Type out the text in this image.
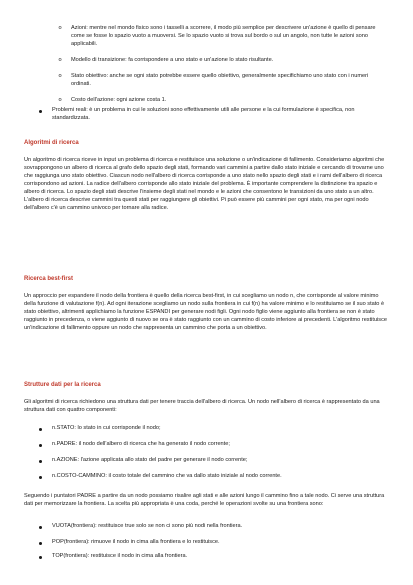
o Azioni: mentre nel mondo fisico sono i tasselli a scorrere, il modo più semplice per descrivere un'azione è quello di pensare come se fosse lo spazio vuoto a muoversi. Se lo spazio vuoto si trova sul bordo o sul un angolo, non tutte le azioni sono applicabili.

o Modello di transizione: fa corrispondere a uno stato e un'azione lo stato risultante.

o Stato obiettivo: anche se ogni stato potrebbe essere quello obiettivo, generalmente specifichiamo uno stato con i numeri ordinati.

o Costo dell'azione: ogni azione costa 1.

Problemi reali: è un problema in cui le soluzioni sono effettivamente utili alle persone e la cui formulazione è specifica, non standardizzata.

Algoritmi di ricerca

Un algoritmo di ricerca riceve in input un problema di ricerca e restituisce una soluzione o un'indicazione di fallimento. Consideriamo algoritmi che sovrappongono un albero di ricerca al grafo dello spazio degli stati, formando vari cammini a partire dallo stato iniziale e cercando di trovarne uno che raggiunga uno stato obiettivo. Ciascun nodo nell'albero di ricerca corrisponde a uno stato nello spazio degli stati e i rami dell'albero di ricerca corrispondono ad azioni. La radice dell'albero corrisponde allo stato iniziale del problema. È importante comprendere la distinzione tra spazio e albero di ricerca. Lo spazio degli stati descrive l'insieme degli stati nel mondo e le azioni che consentono le transizioni da uno stato a un altro. L'albero di ricerca descrive cammini tra questi stati per raggiungere gli obiettivi. Pi può essere più cammini per ogni stato, ma per ogni nodo dell'albero c'è un cammino univoco per tornare alla radice.

Ricerca best-first

Un approccio per espandere il nodo della frontiera è quello della ricerca best-first, in cui scegliamo un nodo n, che corrisponde al valore minimo della funzione di valutazione f(n). Ad ogni iterazione scegliamo un nodo sulla frontiera in cui f(n) ha valore minimo e lo restituiamo se il suo stato è stato obiettivo, altrimenti applichiamo la funzione ESPANDI per generare nodi figli. Ogni nodo figlio viene aggiunto alla frontiera se non è stato raggiunto in precedenza, o viene aggiunto di nuovo se ora è stato raggiunto con un cammino di costo inferiore ai precedenti. L'algoritmo restituisce un'indicazione di fallimento oppure un nodo che rappresenta un cammino che porta a un obiettivo.

Strutture dati per la ricerca

Gli algoritmi di ricerca richiedono una struttura dati per tenere traccia dell'albero di ricerca. Un nodo nell'albero di ricerca è rappresentato da una struttura dati con quattro componenti:

n.STATO: lo stato in cui corrisponde il nodo;

n.PADRE: il nodo dell'albero di ricerca che ha generato il nodo corrente;

n.AZIONE: l'azione applicata allo stato del padre per generare il nodo corrente;

n.COSTO-CAMMINO: il costo totale del cammino che va dallo stato iniziale al nodo corrente.

Seguendo i puntatori PADRE a partire da un nodo possiamo risalire agli stati e alle azioni lungo il cammino fino a tale nodo. Ci serve una struttura dati per memorizzare la frontiera. La scelta più appropriata è una coda, perché le operazioni svolte su una frontiera sono:

VUOTA(frontiera): restituisce true solo se non ci sono più nodi nella frontiera.

POP(frontiera): rimuove il nodo in cima alla frontiera e lo restituisce.

TOP(frontiera): restituisce il nodo in cima alla frontiera.
